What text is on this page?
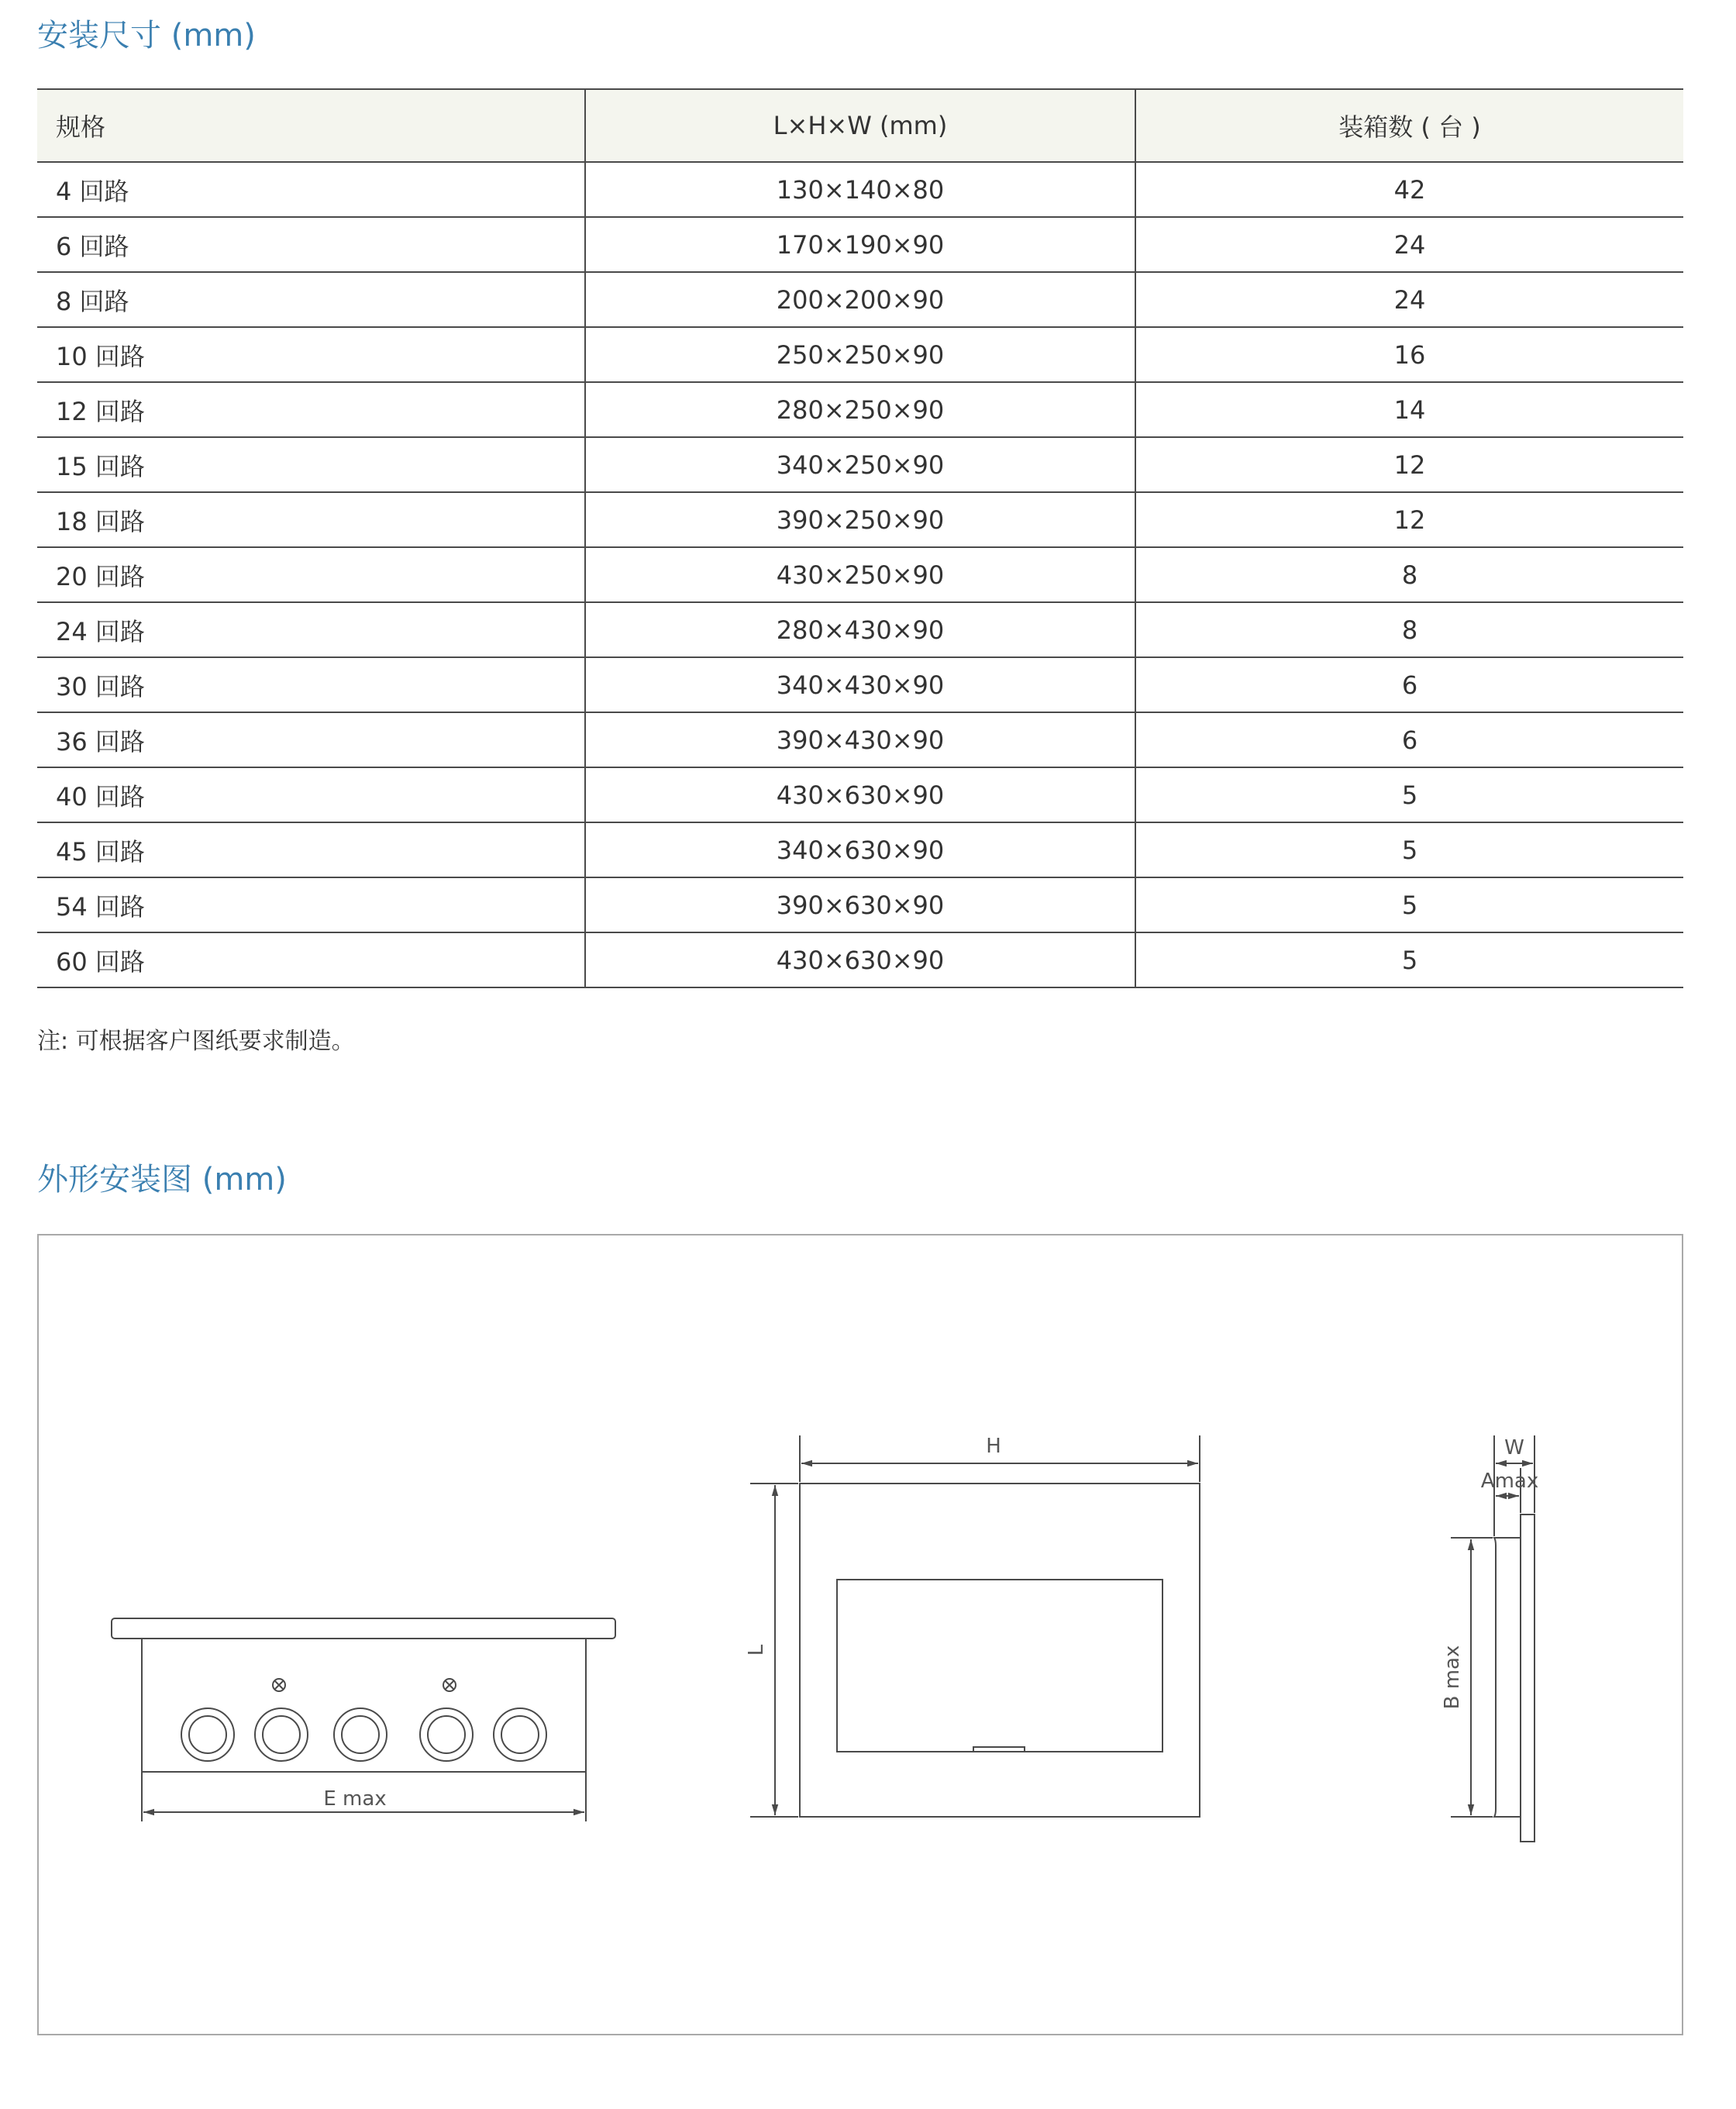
安装尺寸 (mm)
规格	L×H×W (mm)	装箱数 ( 台 )
4 回路	130×140×80	42
6 回路	170×190×90	24
8 回路	200×200×90	24
10 回路	250×250×90	16
12 回路	280×250×90	14
15 回路	340×250×90	12
18 回路	390×250×90	12
20 回路	430×250×90	8
24 回路	280×430×90	8
30 回路	340×430×90	6
36 回路	390×430×90	6
40 回路	430×630×90	5
45 回路	340×630×90	5
54 回路	390×630×90	5
60 回路	430×630×90	5

注: 可根据客户图纸要求制造。

外形安装图 (mm)
E max
H
L
W
Amax
B max
